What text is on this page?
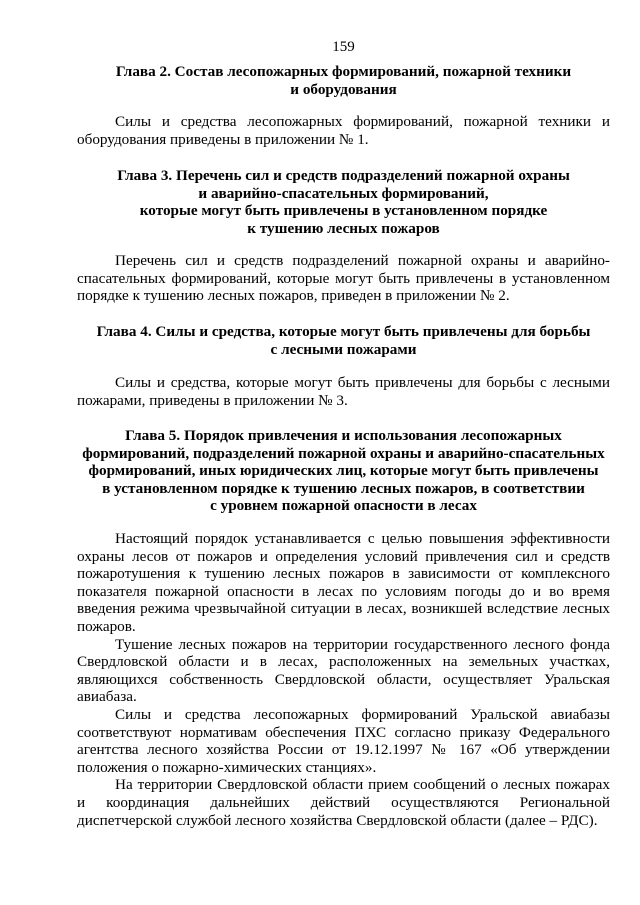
159
Глава 2. Состав лесопожарных формирований, пожарной техники
и оборудования

Силы и средства лесопожарных формирований, пожарной техники и оборудования приведены в приложении № 1.

Глава 3. Перечень сил и средств подразделений пожарной охраны
и аварийно-спасательных формирований,
которые могут быть привлечены в установленном порядке
к тушению лесных пожаров

Перечень сил и средств подразделений пожарной охраны и аварийно-спасательных формирований, которые могут быть привлечены в установленном порядке к тушению лесных пожаров, приведен в приложении № 2.

Глава 4. Силы и средства, которые могут быть привлечены для борьбы
с лесными пожарами

Силы и средства, которые могут быть привлечены для борьбы с лесными пожарами, приведены в приложении № 3.

Глава 5. Порядок привлечения и использования лесопожарных
формирований, подразделений пожарной охраны и аварийно-спасательных
формирований, иных юридических лиц, которые могут быть привлечены
в установленном порядке к тушению лесных пожаров, в соответствии
с уровнем пожарной опасности в лесах

Настоящий порядок устанавливается с целью повышения эффективности охраны лесов от пожаров и определения условий привлечения сил и средств пожаротушения к тушению лесных пожаров в зависимости от комплексного показателя пожарной опасности в лесах по условиям погоды до и во время введения режима чрезвычайной ситуации в лесах, возникшей вследствие лесных пожаров.

Тушение лесных пожаров на территории государственного лесного фонда Свердловской области и в лесах, расположенных на земельных участках, являющихся собственность Свердловской области, осуществляет Уральская авиабаза.

Силы и средства лесопожарных формирований Уральской авиабазы соответствуют нормативам обеспечения ПХС согласно приказу Федерального агентства лесного хозяйства России от 19.12.1997 № 167 «Об утверждении положения о пожарно-химических станциях».

На территории Свердловской области прием сообщений о лесных пожарах и координация дальнейших действий осуществляются Региональной диспетчерской службой лесного хозяйства Свердловской области (далее – РДС).
